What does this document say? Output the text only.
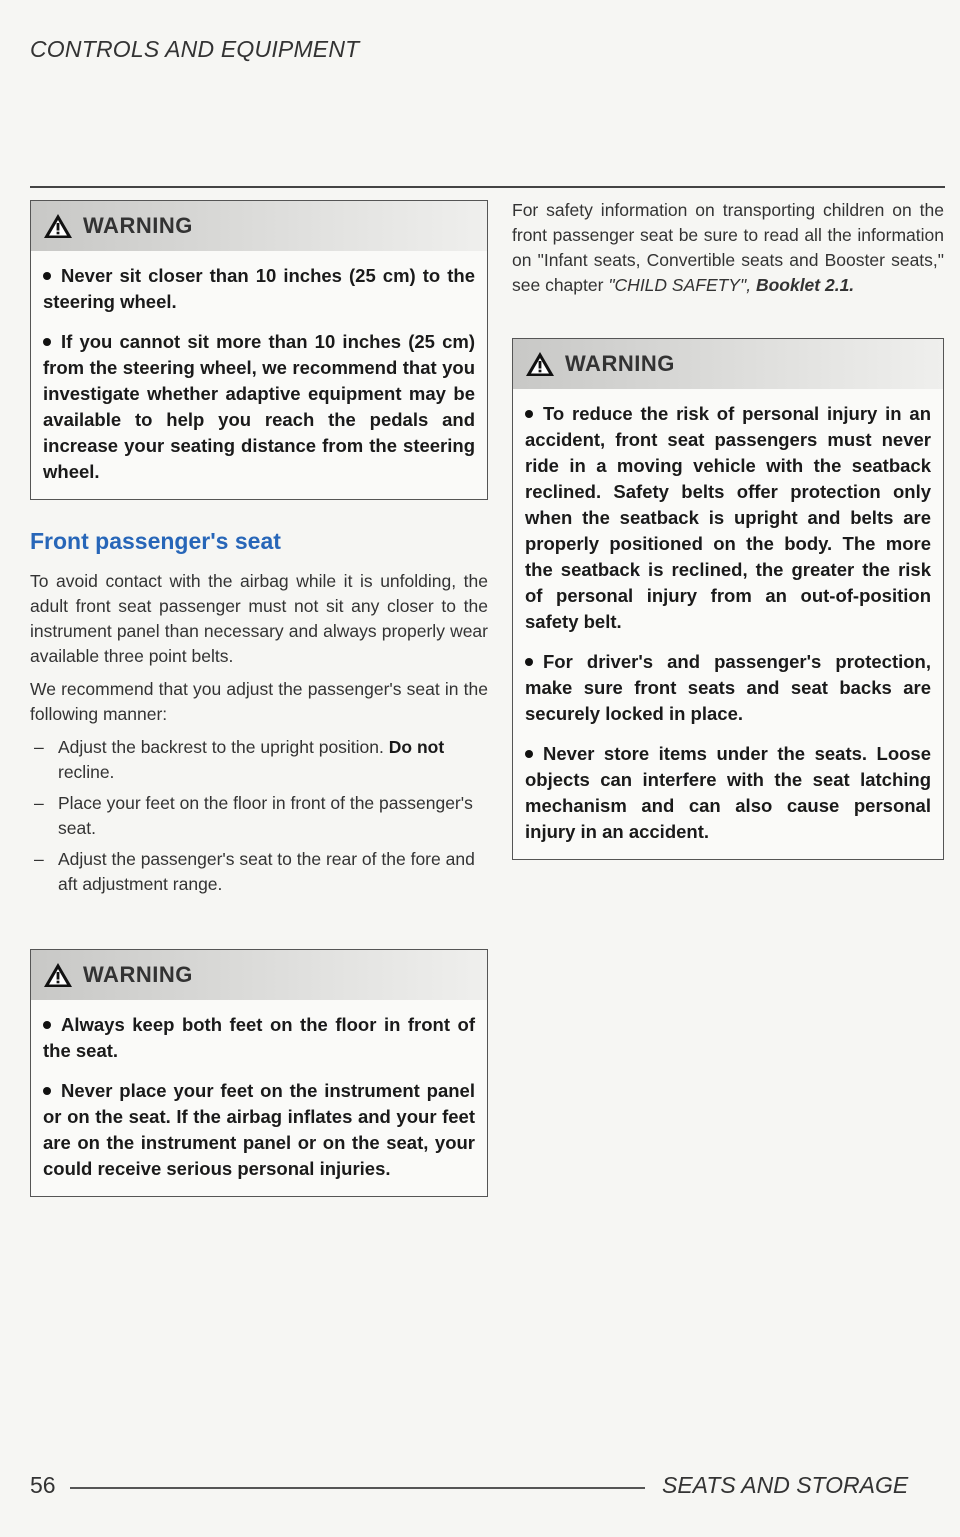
CONTROLS AND EQUIPMENT
WARNING

Never sit closer than 10 inches (25 cm) to the steering wheel.

If you cannot sit more than 10 inches (25 cm) from the steering wheel, we recommend that you investigate whether adaptive equipment may be available to help you reach the pedals and increase your seating distance from the steering wheel.

Front passenger's seat

To avoid contact with the airbag while it is unfolding, the adult front seat passenger must not sit any closer to the instrument panel than necessary and always properly wear available three point belts.

We recommend that you adjust the passenger's seat in the following manner:

– Adjust the backrest to the upright position. Do not recline.
– Place your feet on the floor in front of the passenger's seat.
– Adjust the passenger's seat to the rear of the fore and aft adjustment range.
WARNING

Always keep both feet on the floor in front of the seat.

Never place your feet on the instrument panel or on the seat. If the airbag inflates and your feet are on the instrument panel or on the seat, your could receive serious personal injuries.

For safety information on transporting children on the front passenger seat be sure to read all the information on "Infant seats, Convertible seats and Booster seats," see chapter "CHILD SAFETY", Booklet 2.1.

WARNING

To reduce the risk of personal injury in an accident, front seat passengers must never ride in a moving vehicle with the seatback reclined. Safety belts offer protection only when the seatback is upright and belts are properly positioned on the body. The more the seatback is reclined, the greater the risk of personal injury from an out-of-position safety belt.

For driver's and passenger's protection, make sure front seats and seat backs are securely locked in place.

Never store items under the seats. Loose objects can interfere with the seat latching mechanism and can also cause personal injury in an accident.

56	SEATS AND STORAGE
